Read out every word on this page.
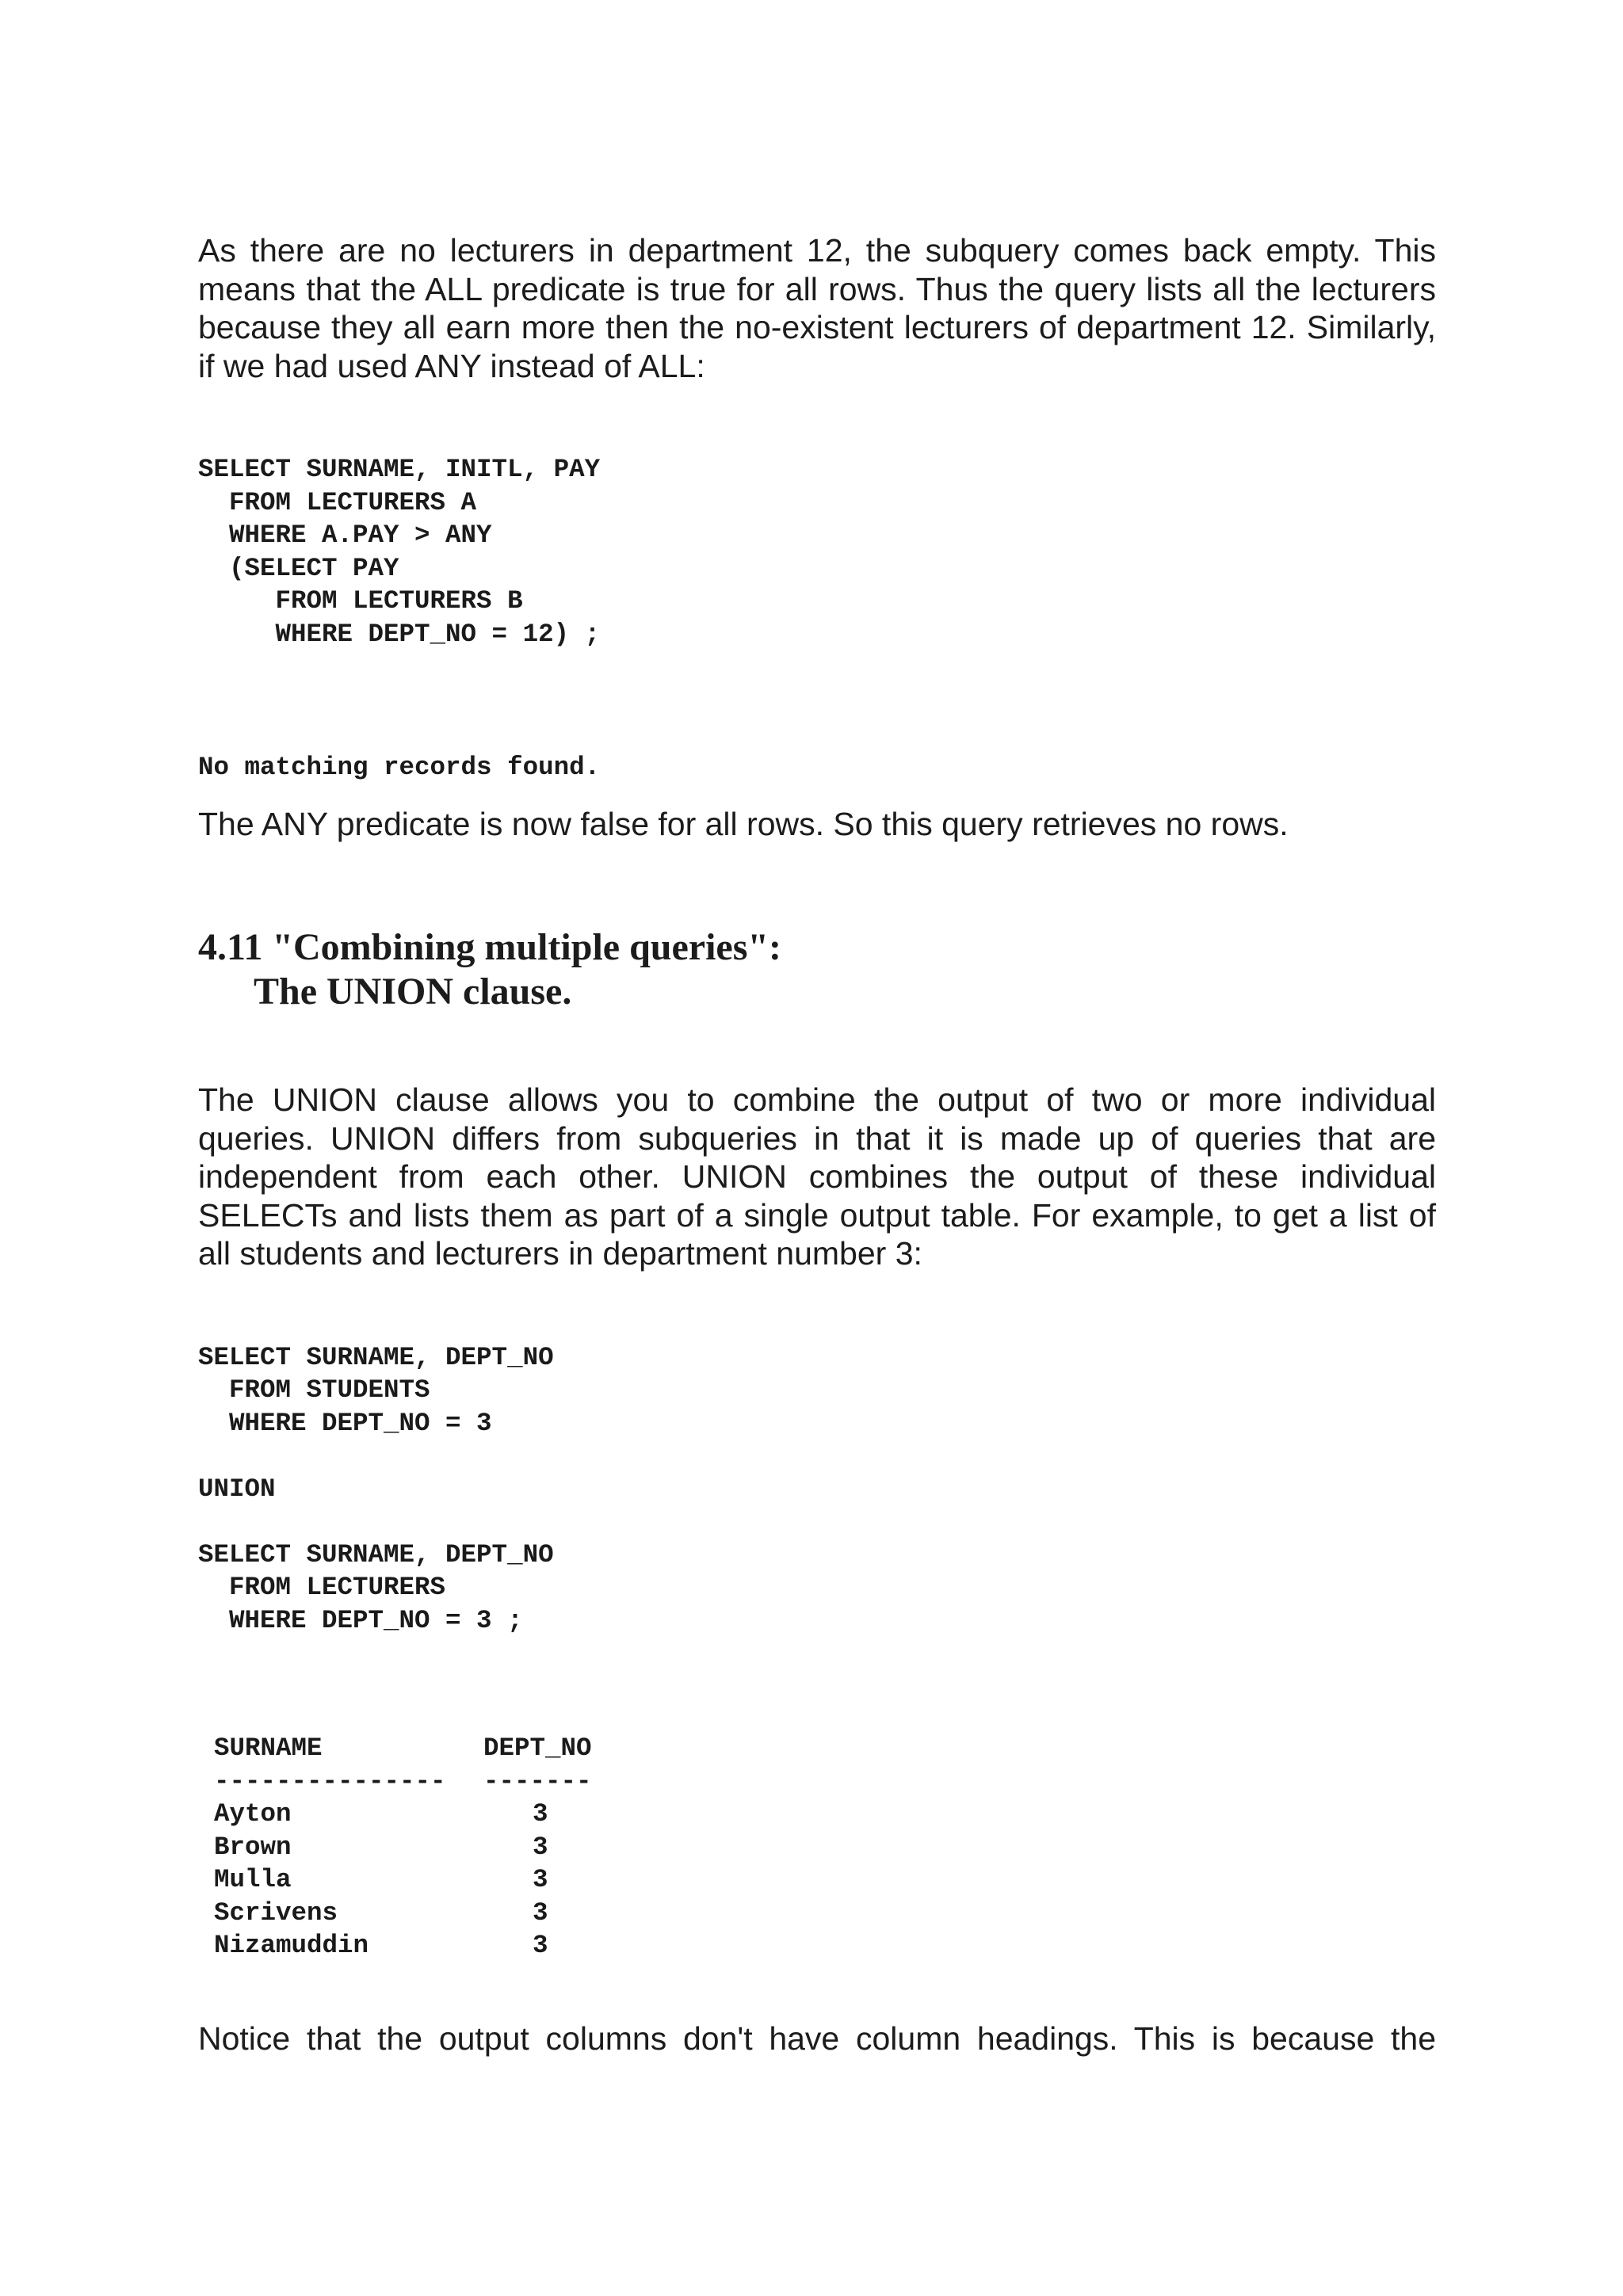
As there are no lecturers in department 12, the subquery comes back empty. This means that the ALL predicate is true for all rows. Thus the query lists all the lecturers because they all earn more then the no-existent lecturers of department 12. Similarly, if we had used ANY instead of ALL:

SELECT SURNAME, INITL, PAY
FROM LECTURERS A
WHERE A.PAY > ANY
(SELECT PAY
FROM LECTURERS B
WHERE DEPT_NO = 12) ;
No matching records found.

The ANY predicate is now false for all rows. So this query retrieves no rows.

4.11 "Combining multiple queries":
The UNION clause.

The UNION clause allows you to combine the output of two or more individual queries. UNION differs from subqueries in that it is made up of queries that are independent from each other. UNION combines the output of these individual SELECTs and lists them as part of a single output table. For example, to get a list of all students and lecturers in department number 3:

SELECT SURNAME, DEPT_NO
FROM STUDENTS
WHERE DEPT_NO = 3

UNION

SELECT SURNAME, DEPT_NO
FROM LECTURERS
WHERE DEPT_NO = 3 ;
SURNAME	DEPT_NO
---------------	-------
Ayton	3
Brown	3
Mulla	3
Scrivens	3
Nizamuddin	3

Notice that the output columns don't have column headings. This is because the
